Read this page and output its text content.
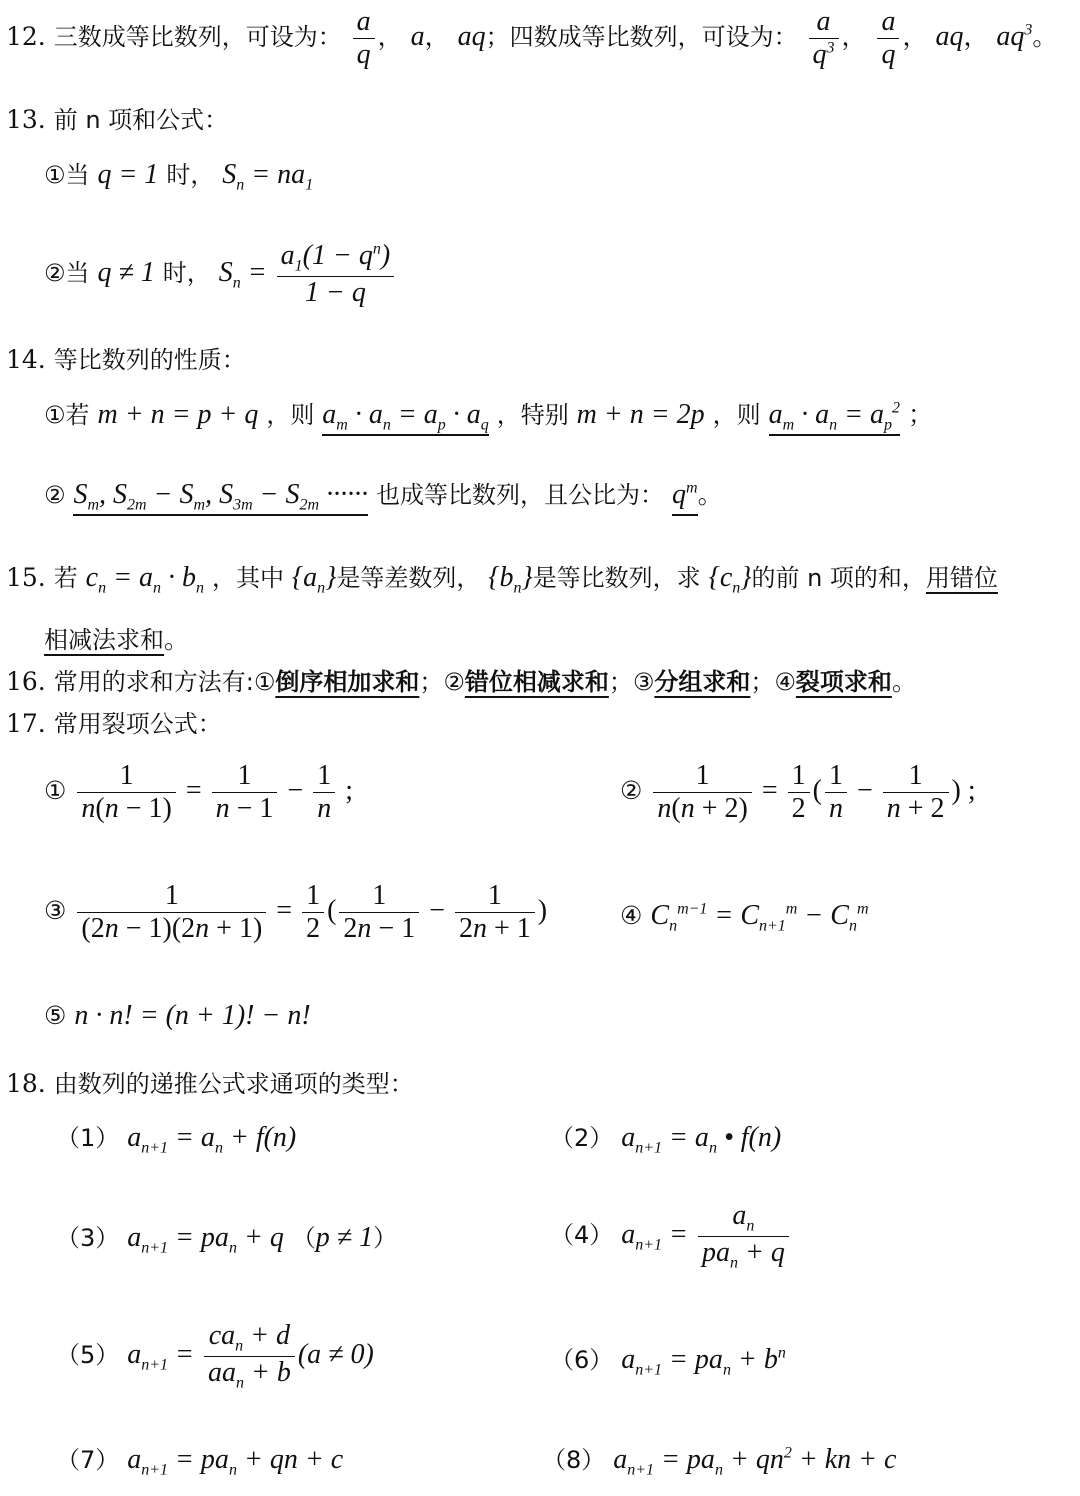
12. 三数成等比数列，可设为： $\frac{a}{q}$ ， a， aq；四数成等比数列，可设为： $\frac{a}{q^3}$ ， $\frac{a}{q}$ ， aq， $aq^3$。
13. 前 n 项和公式：
①当 q = 1 时， $S_n = na_1$
②当 q ≠ 1 时， $S_n = \frac{a_1(1 - q^n)}{1 - q}$
14. 等比数列的性质：
①若 m + n = p + q ，则 $a_m \cdot a_n = a_p \cdot a_q$ ，特别 m + n = 2p ，则 $a_m \cdot a_n = a_p^2$ ；
② $S_m$, $S_{2m} - S_m$, $S_{3m} - S_{2m}$ ······ 也成等比数列，且公比为： $q^m$。
15. 若 $c_n = a_n \cdot b_n$ ，其中 $\{a_n\}$是等差数列， $\{b_n\}$是等比数列，求 $\{c_n\}$的前 n 项的和，用错位
相减法求和。
16. 常用的求和方法有:①倒序相加求和；②错位相减求和；③分组求和；④裂项求和。
17. 常用裂项公式：
① $\frac{1}{n(n - 1)} = \frac{1}{n - 1} - \frac{1}{n}$ ;	② $\frac{1}{n(n + 2)} = \frac{1}{2}$ ( $\frac{1}{n} - \frac{1}{n + 2}$ ) ;
③ $\frac{1}{(2n - 1)(2n + 1)} = \frac{1}{2}$ ( $\frac{1}{2n - 1} - \frac{1}{2n + 1}$ )	④ $C_n^{m-1} = C_{n+1}^m - C_n^m$
⑤ n · n! = (n + 1)! − n!
18. 由数列的递推公式求通项的类型：
（1） $a_{n+1} = a_n + f(n)$	（2） $a_{n+1} = a_n$ • f(n)
（3） $a_{n+1} = pa_n + q$ （p ≠ 1）	（4） $a_{n+1} = \frac{a_n}{pa_n + q}$
（5） $a_{n+1} = \frac{ca_n + d}{aa_n + b} (a \ne 0)$	（6） $a_{n+1} = pa_n + b^n$
（7） $a_{n+1} = pa_n$ + qn + c	（8） $a_{n+1} = pa_n + qn^2$ + kn + c
